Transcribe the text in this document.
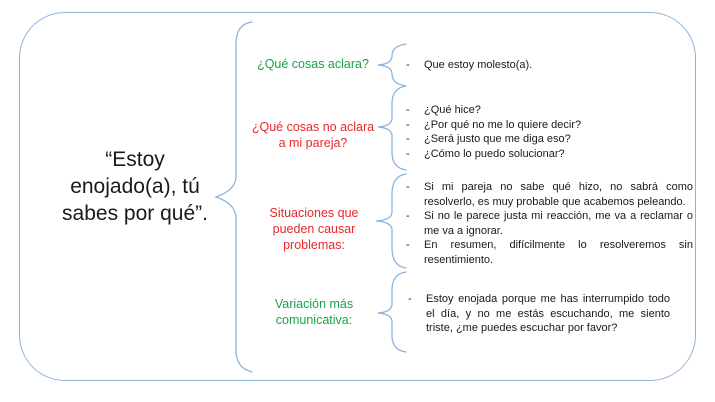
“Estoy enojado(a), tú sabes por qué”.
¿Qué cosas aclara?
¿Qué cosas no aclara a mi pareja?
Situaciones que pueden causar problemas:
Variación más comunicativa:
- Que estoy molesto(a).
- ¿Qué hice?
- ¿Por qué no me lo quiere decir?
- ¿Será justo que me diga eso?
- ¿Cómo lo puedo solucionar?
- Si mi pareja no sabe qué hizo, no sabrá como resolverlo, es muy probable que acabemos peleando.
- Si no le parece justa mi reacción, me va a reclamar o me va a ignorar.
- En resumen, difícilmente lo resolveremos sin resentimiento.
- Estoy enojada porque me has interrumpido todo el día, y no me estás escuchando, me siento triste, ¿me puedes escuchar por favor?
